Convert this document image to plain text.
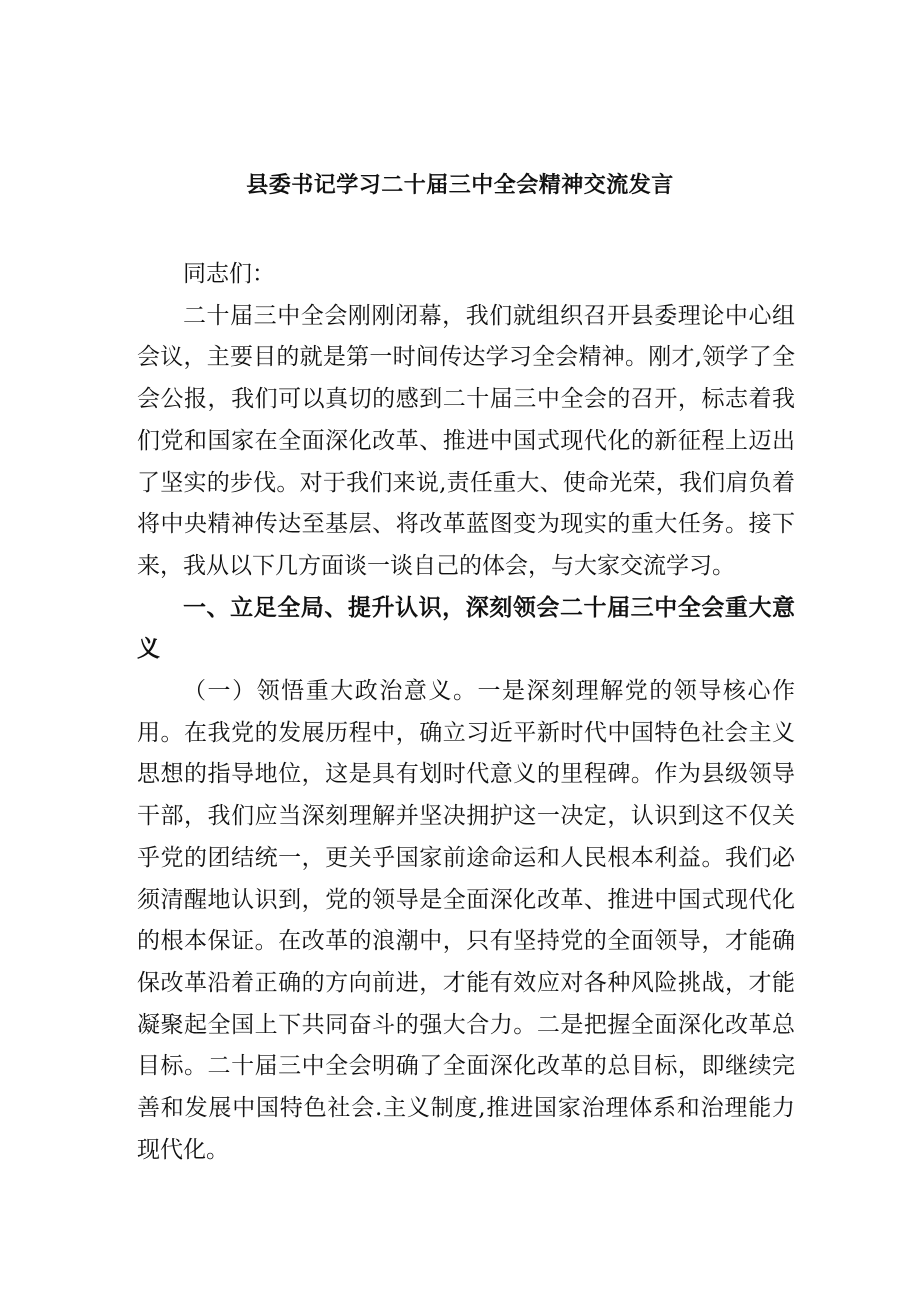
县委书记学习二十届三中全会精神交流发言

同志们：

二十届三中全会刚刚闭幕，我们就组织召开县委理论中心组会议，主要目的就是第一时间传达学习全会精神。刚才,领学了全会公报，我们可以真切的感到二十届三中全会的召开，标志着我们党和国家在全面深化改革、推进中国式现代化的新征程上迈出了坚实的步伐。对于我们来说,责任重大、使命光荣，我们肩负着将中央精神传达至基层、将改革蓝图变为现实的重大任务。接下来，我从以下几方面谈一谈自己的体会，与大家交流学习。

一、立足全局、提升认识，深刻领会二十届三中全会重大意义

（一）领悟重大政治意义。一是深刻理解党的领导核心作用。在我党的发展历程中，确立习近平新时代中国特色社会主义思想的指导地位，这是具有划时代意义的里程碑。作为县级领导干部，我们应当深刻理解并坚决拥护这一决定，认识到这不仅关乎党的团结统一，更关乎国家前途命运和人民根本利益。我们必须清醒地认识到，党的领导是全面深化改革、推进中国式现代化的根本保证。在改革的浪潮中，只有坚持党的全面领导，才能确保改革沿着正确的方向前进，才能有效应对各种风险挑战，才能凝聚起全国上下共同奋斗的强大合力。二是把握全面深化改革总目标。二十届三中全会明确了全面深化改革的总目标，即继续完善和发展中国特色社会.主义制度,推进国家治理体系和治理能力现代化。
